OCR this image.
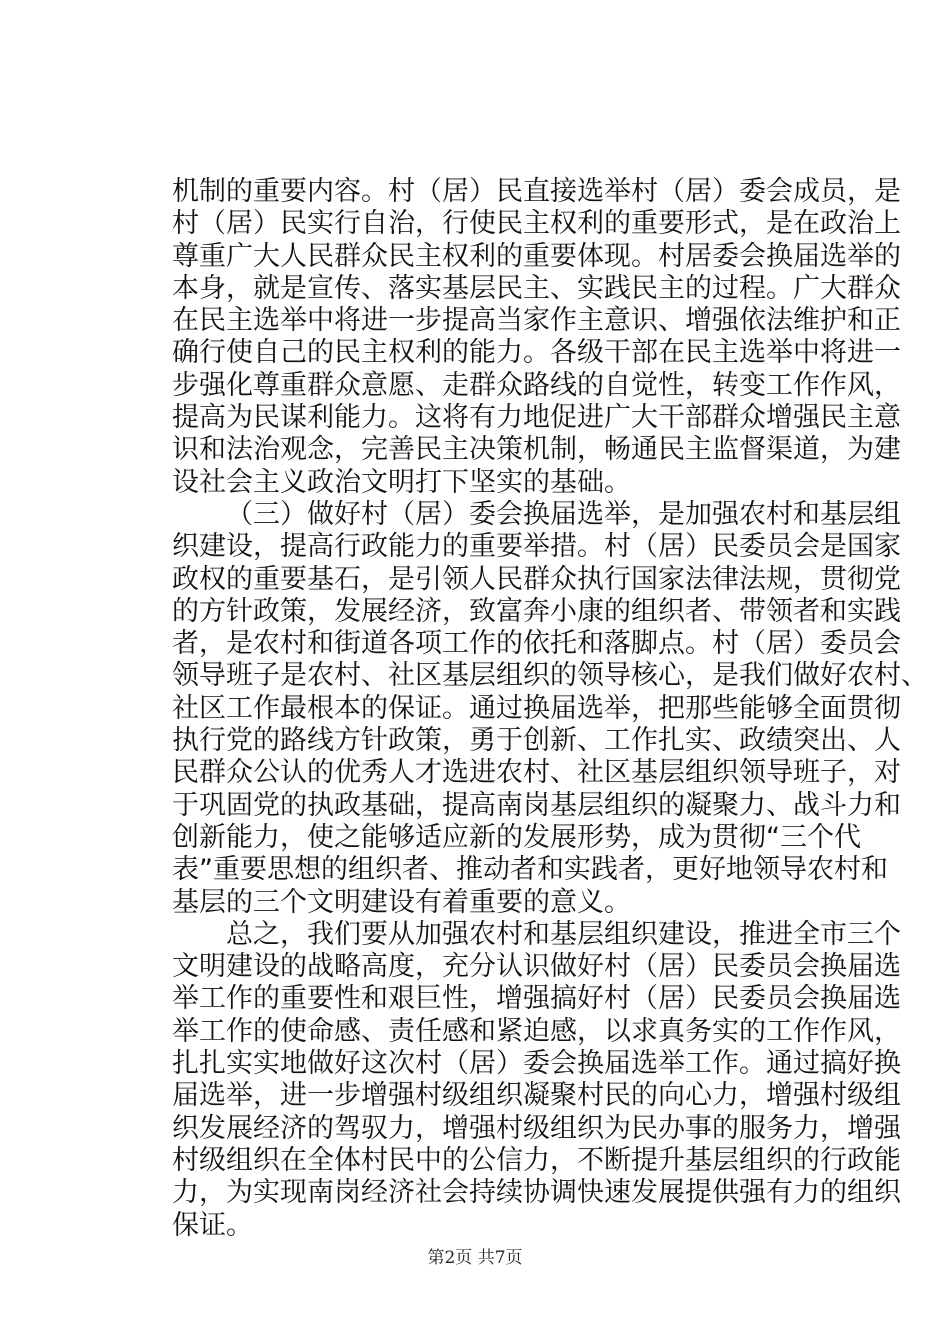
机制的重要内容。村（居）民直接选举村（居）委会成员，是
村（居）民实行自治，行使民主权利的重要形式，是在政治上
尊重广大人民群众民主权利的重要体现。村居委会换届选举的
本身，就是宣传、落实基层民主、实践民主的过程。广大群众
在民主选举中将进一步提高当家作主意识、增强依法维护和正
确行使自己的民主权利的能力。各级干部在民主选举中将进一
步强化尊重群众意愿、走群众路线的自觉性，转变工作作风，
提高为民谋利能力。这将有力地促进广大干部群众增强民主意
识和法治观念，完善民主决策机制，畅通民主监督渠道，为建
设社会主义政治文明打下坚实的基础。
（三）做好村（居）委会换届选举，是加强农村和基层组
织建设，提高行政能力的重要举措。村（居）民委员会是国家
政权的重要基石，是引领人民群众执行国家法律法规，贯彻党
的方针政策，发展经济，致富奔小康的组织者、带领者和实践
者，是农村和街道各项工作的依托和落脚点。村（居）委员会
领导班子是农村、社区基层组织的领导核心，是我们做好农村、
社区工作最根本的保证。通过换届选举，把那些能够全面贯彻
执行党的路线方针政策，勇于创新、工作扎实、政绩突出、人
民群众公认的优秀人才选进农村、社区基层组织领导班子，对
于巩固党的执政基础，提高南岗基层组织的凝聚力、战斗力和
创新能力，使之能够适应新的发展形势，成为贯彻“三个代
表”重要思想的组织者、推动者和实践者，更好地领导农村和
基层的三个文明建设有着重要的意义。
总之，我们要从加强农村和基层组织建设，推进全市三个
文明建设的战略高度，充分认识做好村（居）民委员会换届选
举工作的重要性和艰巨性，增强搞好村（居）民委员会换届选
举工作的使命感、责任感和紧迫感，以求真务实的工作作风，
扎扎实实地做好这次村（居）委会换届选举工作。通过搞好换
届选举，进一步增强村级组织凝聚村民的向心力，增强村级组
织发展经济的驾驭力，增强村级组织为民办事的服务力，增强
村级组织在全体村民中的公信力，不断提升基层组织的行政能
力，为实现南岗经济社会持续协调快速发展提供强有力的组织
保证。
第2页 共7页
